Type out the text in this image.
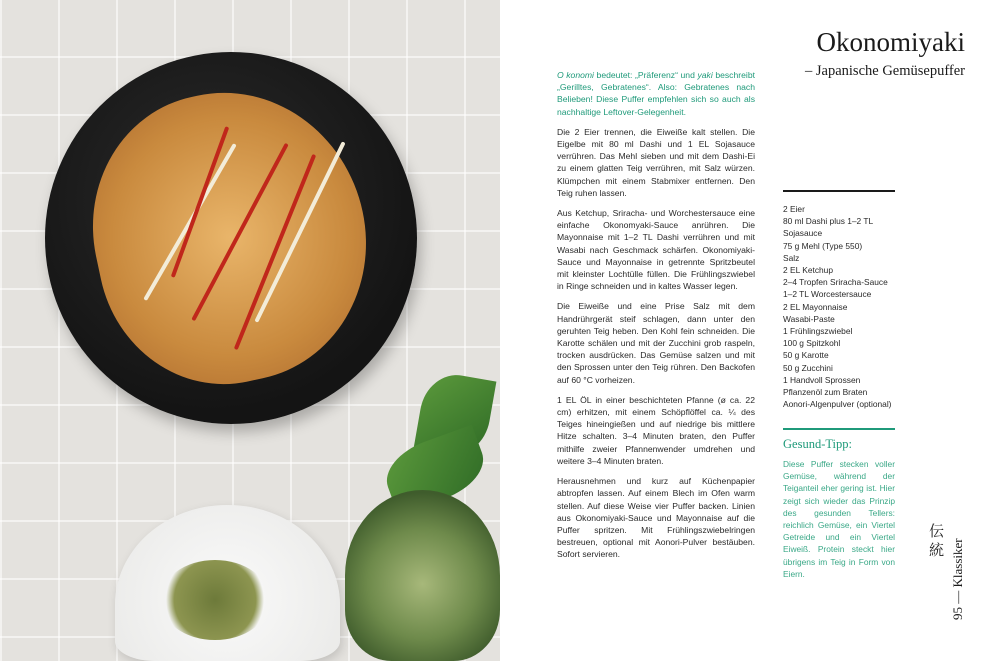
O konomi bedeutet: „Präferenz“ und yaki beschreibt „Gerilltes, Gebratenes“. Also: Gebratenes nach Belieben! Diese Puffer empfehlen sich so auch als nachhaltige Leftover-Gelegenheit.

Die 2 Eier trennen, die Eiweiße kalt stellen. Die Eigelbe mit 80 ml Dashi und 1 EL Sojasauce verrühren. Das Mehl sieben und mit dem Dashi-Ei zu einem glatten Teig verrühren, mit Salz würzen. Klümpchen mit einem Stabmixer entfernen. Den Teig ruhen lassen.

Aus Ketchup, Sriracha- und Worchestersauce eine einfache Okonomyaki-Sauce anrühren. Die Mayonnaise mit 1–2 TL Dashi verrühren und mit Wasabi nach Geschmack schärfen. Okonomiyaki-Sauce und Mayonnaise in getrennte Spritzbeutel mit kleinster Lochtülle füllen. Die Frühlingszwiebel in Ringe schneiden und in kaltes Wasser legen.

Die Eiweiße und eine Prise Salz mit dem Handrührgerät steif schlagen, dann unter den geruhten Teig heben. Den Kohl fein schneiden. Die Karotte schälen und mit der Zucchini grob raspeln, trocken ausdrücken. Das Gemüse salzen und mit den Sprossen unter den Teig rühren. Den Backofen auf 60 °C vorheizen.

1 EL ÖL in einer beschichteten Pfanne (ø ca. 22 cm) erhitzen, mit einem Schöpflöffel ca. ¼ des Teiges hineingießen und auf niedrige bis mittlere Hitze schalten. 3–4 Minuten braten, den Puffer mithilfe zweier Pfannenwender umdrehen und weitere 3–4 Minuten braten.

Herausnehmen und kurz auf Küchenpapier abtropfen lassen. Auf einem Blech im Ofen warm stellen. Auf diese Weise vier Puffer backen. Linien aus Okonomiyaki-Sauce und Mayonnaise auf die Puffer spritzen. Mit Frühlingszwiebelringen bestreuen, optional mit Aonori-Pulver bestäuben. Sofort servieren.

Okonomiyaki
– Japanische Gemüsepuffer
2 Eier
80 ml Dashi plus 1–2 TL
Sojasauce
75 g Mehl (Type 550)
Salz
2 EL Ketchup
2–4 Tropfen Sriracha-Sauce
1–2 TL Worcestersauce
2 EL Mayonnaise
Wasabi-Paste
1 Frühlingszwiebel
100 g Spitzkohl
50 g Karotte
50 g Zucchini
1 Handvoll Sprossen
Pflanzenöl zum Braten
Aonori-Algenpulver (optional)
Gesund-Tipp:
Diese Puffer stecken voller Gemüse, während der Teiganteil eher gering ist. Hier zeigt sich wieder das Prinzip des gesunden Tellers: reichlich Gemüse, ein Viertel Getreide und ein Viertel Eiweiß. Protein steckt hier übrigens im Teig in Form von Eiern.
伝統
95 — Klassiker
